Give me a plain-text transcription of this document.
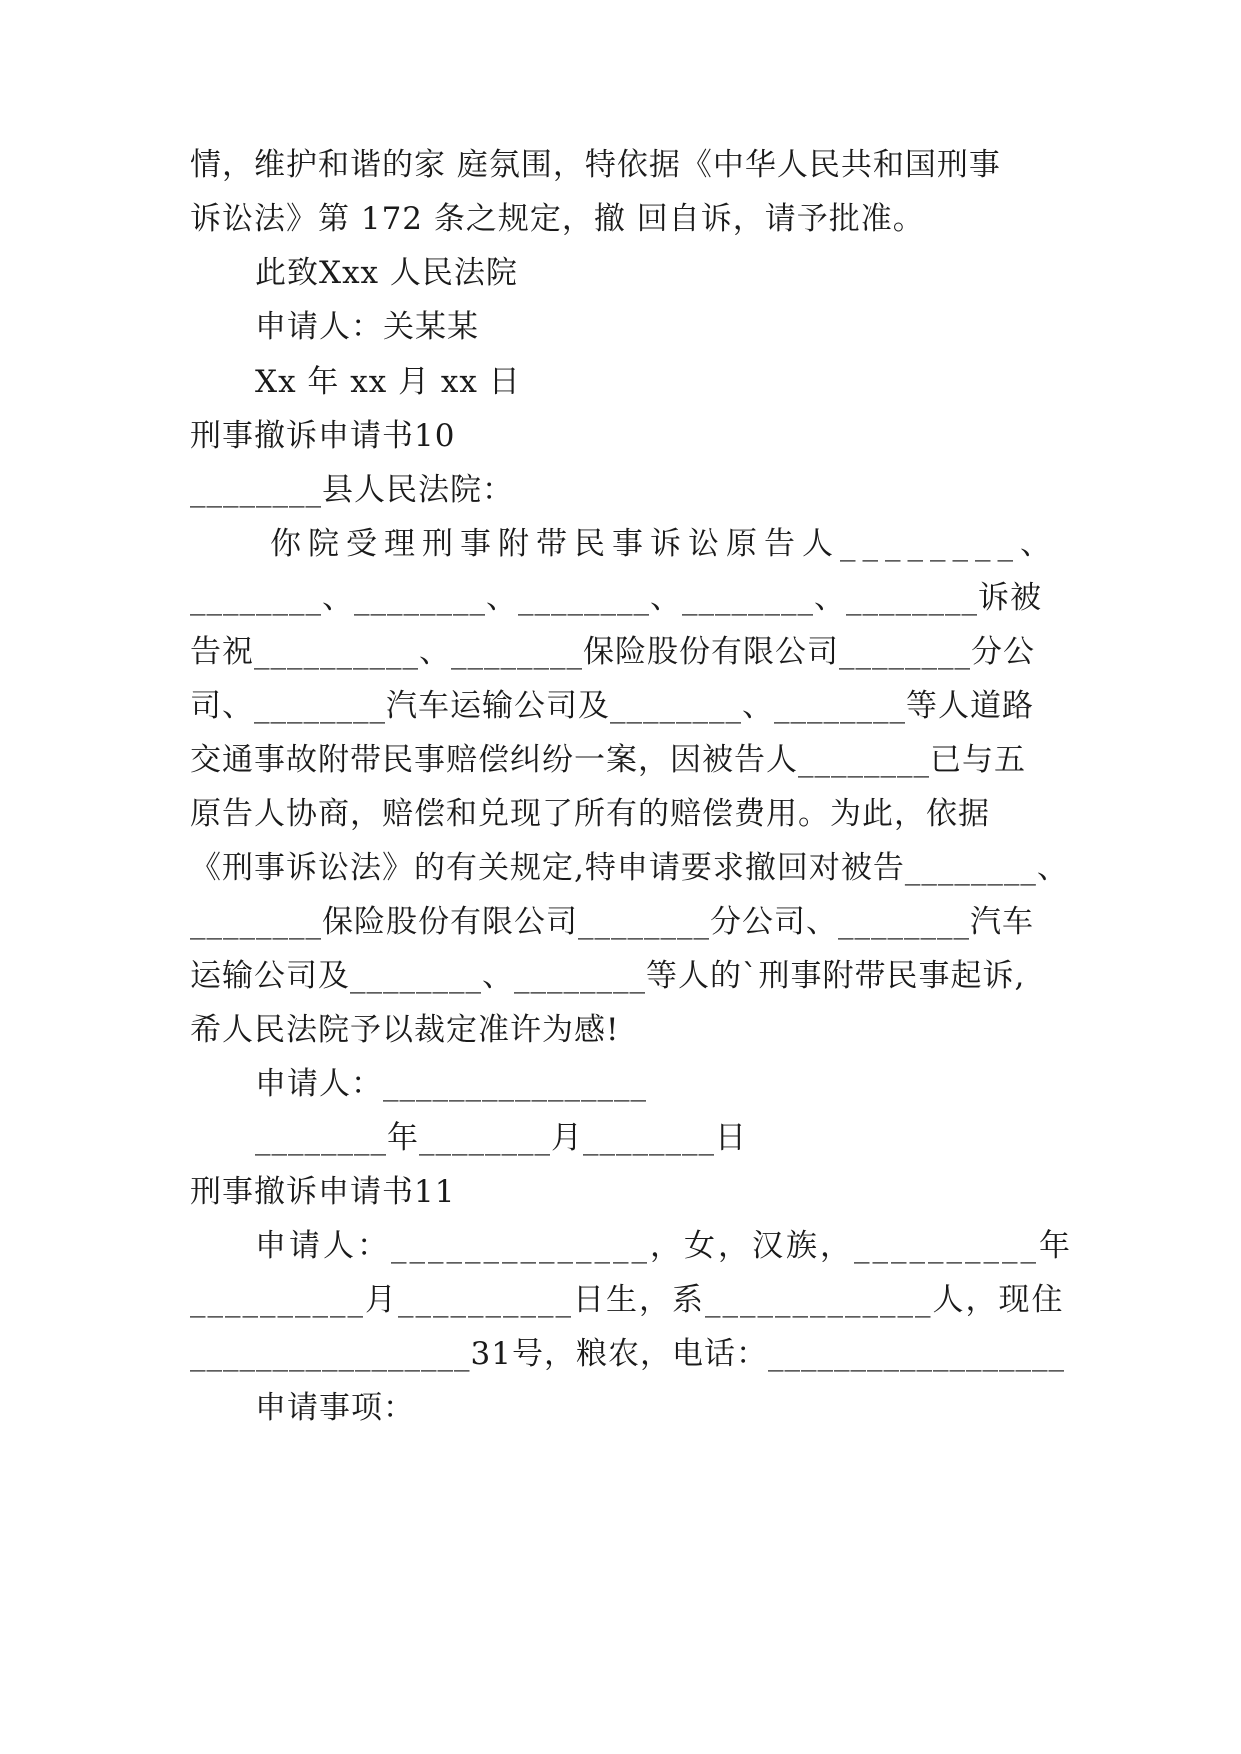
情，维护和谐的家 庭氛围，特依据《中华人民共和国刑事
诉讼法》第 172 条之规定，撤 回自诉，请予批准。
此致Xxx 人民法院
申请人：关某某
Xx 年 xx 月 xx 日
刑事撤诉申请书10
________县人民法院：
你院受理刑事附带民事诉讼原告人________、
________、________、________、________、________诉被
告祝__________、________保险股份有限公司________分公
司、________汽车运输公司及________、________等人道路
交通事故附带民事赔偿纠纷一案，因被告人________已与五
原告人协商，赔偿和兑现了所有的赔偿费用。为此，依据
《刑事诉讼法》的有关规定,特申请要求撤回对被告________、
________保险股份有限公司________分公司、________汽车
运输公司及________、________等人的`刑事附带民事起诉,
希人民法院予以裁定准许为感!
申请人：________________
________年________月________日
刑事撤诉申请书11
申请人：______________，女，汉族，__________年
__________月__________日生，系_____________人，现住
_________________31号，粮农，电话：__________________
申请事项：
